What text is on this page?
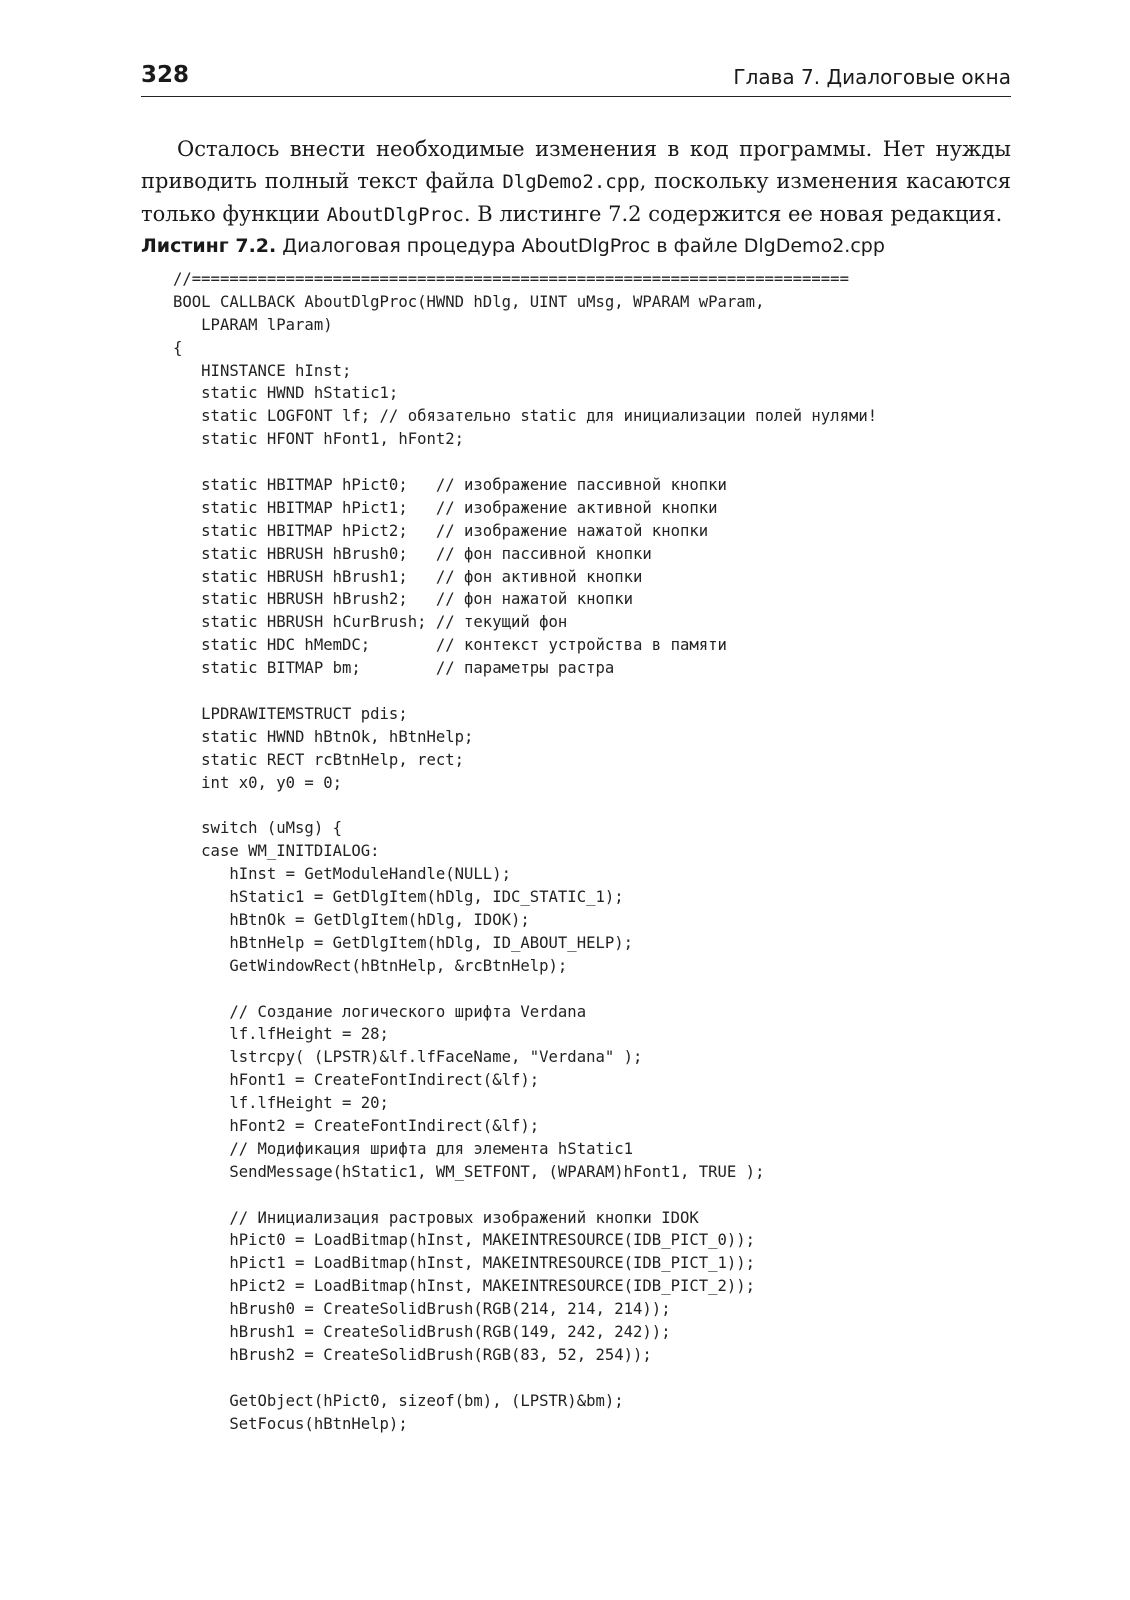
328	Глава 7. Диалоговые окна

Осталось внести необходимые изменения в код программы. Нет нужды приводить полный текст файла DlgDemo2.cpp, поскольку изменения касаются только функции AboutDlgProc. В листинге 7.2 содержится ее новая редакция.

Листинг 7.2. Диалоговая процедура AboutDlgProc в файле DlgDemo2.cpp
//======================================================================
BOOL CALLBACK AboutDlgProc(HWND hDlg, UINT uMsg, WPARAM wParam,
LPARAM lParam)
{
HINSTANCE hInst;
static HWND hStatic1;
static LOGFONT lf; // обязательно static для инициализации полей нулями!
static HFONT hFont1, hFont2;
static HBITMAP hPict0;   // изображение пассивной кнопки
static HBITMAP hPict1;   // изображение активной кнопки
static HBITMAP hPict2;   // изображение нажатой кнопки
static HBRUSH hBrush0;   // фон пассивной кнопки
static HBRUSH hBrush1;   // фон активной кнопки
static HBRUSH hBrush2;   // фон нажатой кнопки
static HBRUSH hCurBrush; // текущий фон
static HDC hMemDC;       // контекст устройства в памяти
static BITMAP bm;        // параметры растра
LPDRAWITEMSTRUCT pdis;
static HWND hBtnOk, hBtnHelp;
static RECT rcBtnHelp, rect;
int x0, y0 = 0;
switch (uMsg) {
case WM_INITDIALOG:
hInst = GetModuleHandle(NULL);
hStatic1 = GetDlgItem(hDlg, IDC_STATIC_1);
hBtnOk = GetDlgItem(hDlg, IDOK);
hBtnHelp = GetDlgItem(hDlg, ID_ABOUT_HELP);
GetWindowRect(hBtnHelp, &rcBtnHelp);
// Создание логического шрифта Verdana
lf.lfHeight = 28;
lstrcpy( (LPSTR)&lf.lfFaceName, "Verdana" );
hFont1 = CreateFontIndirect(&lf);
lf.lfHeight = 20;
hFont2 = CreateFontIndirect(&lf);
// Модификация шрифта для элемента hStatic1
SendMessage(hStatic1, WM_SETFONT, (WPARAM)hFont1, TRUE );
// Инициализация растровых изображений кнопки IDOK
hPict0 = LoadBitmap(hInst, MAKEINTRESOURCE(IDB_PICT_0));
hPict1 = LoadBitmap(hInst, MAKEINTRESOURCE(IDB_PICT_1));
hPict2 = LoadBitmap(hInst, MAKEINTRESOURCE(IDB_PICT_2));
hBrush0 = CreateSolidBrush(RGB(214, 214, 214));
hBrush1 = CreateSolidBrush(RGB(149, 242, 242));
hBrush2 = CreateSolidBrush(RGB(83, 52, 254));
GetObject(hPict0, sizeof(bm), (LPSTR)&bm);
SetFocus(hBtnHelp);
